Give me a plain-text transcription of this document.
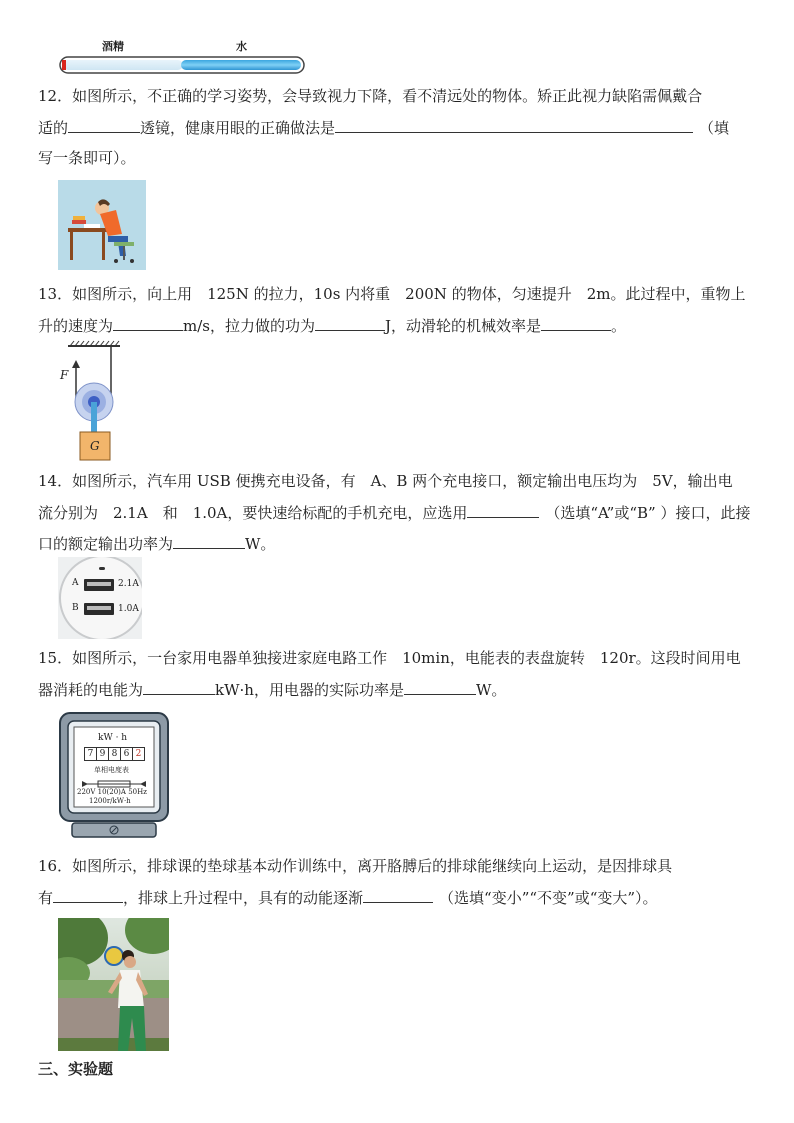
酒精	水
12．如图所示，不正确的学习姿势，会导致视力下降，看不清远处的物体。矫正此视力缺陷需佩戴合
适的	透镜，健康用眼的正确做法是	（填
写一条即可）。
13．如图所示，向上用　125N 的拉力，10s 内将重　200N 的物体，匀速提升　2m。此过程中，重物上
升的速度为	m/s，拉力做的功为	J，动滑轮的机械效率是	。
F
G
14．如图所示，汽车用 USB 便携充电设备，有　A、B 两个充电接口，额定输出电压均为　5V，输出电
流分别为　2.1A　和　1.0A，要快速给标配的手机充电，应选用	（选填“A”或“B” ）接口，此接
口的额定输出功率为	W。
A
B
2.1A
1.0A
15．如图所示，一台家用电器单独接进家庭电路工作　10min，电能表的表盘旋转　120r。这段时间用电
器消耗的电能为	kW·h，用电器的实际功率是	W。
kW · h
7 9 8 6 2
单相电度表
220V 10(20)A 50Hz
1200r/kW·h
16．如图所示，排球课的垫球基本动作训练中，离开胳膊后的排球能继续向上运动，是因排球具
有	，排球上升过程中，具有的动能逐渐	（选填“变小”“不变”或“变大”）。
三、实验题
